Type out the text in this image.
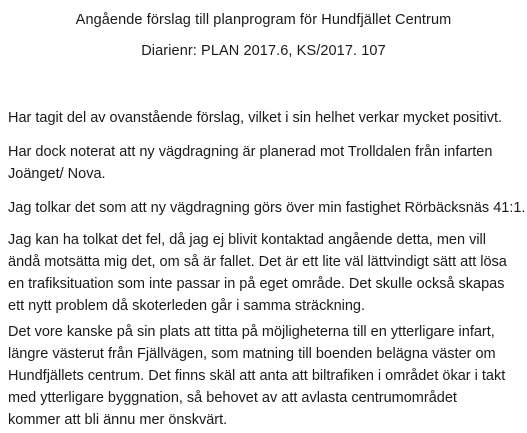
Angående förslag till planprogram för Hundfjället Centrum
Diarienr: PLAN 2017.6, KS/2017. 107

Har tagit del av ovanstående förslag, vilket i sin helhet verkar mycket positivt.

Har dock noterat att ny vägdragning är planerad mot Trolldalen från infarten
Joänget/ Nova.

Jag tolkar det som att ny vägdragning görs över min fastighet Rörbäcksnäs 41:1.

Jag kan ha tolkat det fel, då jag ej blivit kontaktad angående detta, men vill
ändå motsätta mig det, om så är fallet. Det är ett lite väl lättvindigt sätt att lösa
en trafiksituation som inte passar in på eget område. Det skulle också skapas
ett nytt problem då skoterleden går i samma sträckning.

Det vore kanske på sin plats att titta på möjligheterna till en ytterligare infart,
längre västerut från Fjällvägen, som matning till boenden belägna väster om
Hundfjällets centrum. Det finns skäl att anta att biltrafiken i området ökar i takt
med ytterligare byggnation, så behovet av att avlasta centrumområdet
kommer att bli ännu mer önskvärt.
